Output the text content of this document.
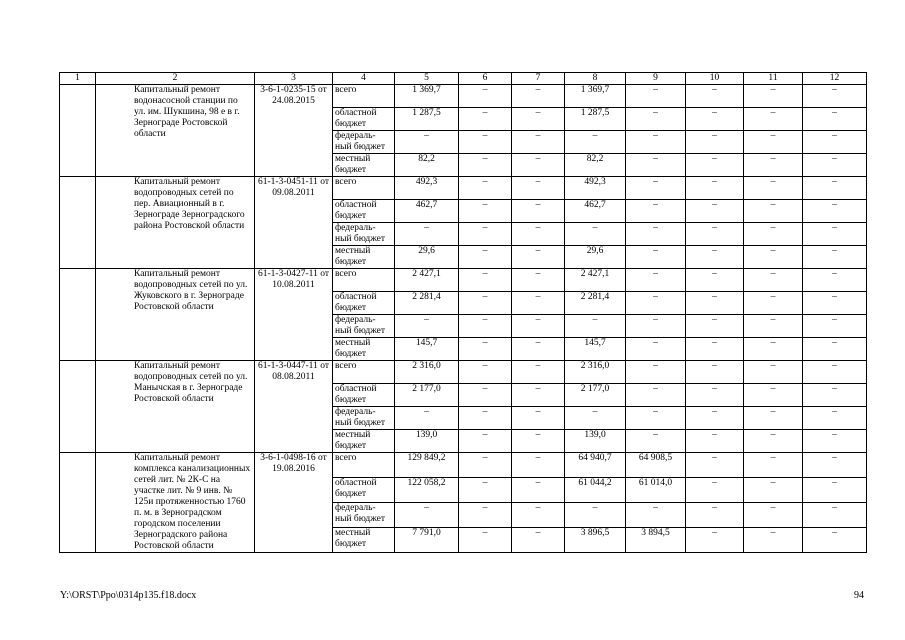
1	2	3	4	5	6	7	8	9	10	11	12
	Капитальный ремонт водонасосной станции по ул. им. Шукшина, 98 е в г. Зернограде Ростовской области	3-6-1-0235-15 от 24.08.2015	всего	1 369,7	–	–	1 369,7	–	–	–	–
			областной бюджет	1 287,5	–	–	1 287,5	–	–	–	–
			федераль-ный бюджет	–	–	–	–	–	–	–	–
			местный бюджет	82,2	–	–	82,2	–	–	–	–
	Капитальный ремонт водопроводных сетей по пер. Авиационный в г. Зернограде Зерноградского района Ростовской области	61-1-3-0451-11 от 09.08.2011	всего	492,3	–	–	492,3	–	–	–	–
			областной бюджет	462,7	–	–	462,7	–	–	–	–
			федераль-ный бюджет	–	–	–	–	–	–	–	–
			местный бюджет	29,6	–	–	29,6	–	–	–	–
	Капитальный ремонт водопроводных сетей по ул. Жуковского в г. Зернограде Ростовской области	61-1-3-0427-11 от 10.08.2011	всего	2 427,1	–	–	2 427,1	–	–	–	–
			областной бюджет	2 281,4	–	–	2 281,4	–	–	–	–
			федераль-ный бюджет	–	–	–	–	–	–	–	–
			местный бюджет	145,7	–	–	145,7	–	–	–	–
	Капитальный ремонт водопроводных сетей по ул. Манычская в г. Зернограде Ростовской области	61-1-3-0447-11 от 08.08.2011	всего	2 316,0	–	–	2 316,0	–	–	–	–
			областной бюджет	2 177,0	–	–	2 177,0	–	–	–	–
			федераль-ный бюджет	–	–	–	–	–	–	–	–
			местный бюджет	139,0	–	–	139,0	–	–	–	–
	Капитальный ремонт комплекса канализационных сетей лит. № 2К-С на участке лит. № 9 инв. № 125и протяженностью 1760 п. м. в Зерноградском городском поселении Зерноградского района Ростовской области	3-6-1-0498-16 от 19.08.2016	всего	129 849,2	–	–	64 940,7	64 908,5	–	–	–
			областной бюджет	122 058,2	–	–	61 044,2	61 014,0	–	–	–
			федераль-ный бюджет	–	–	–	–	–	–	–	–
			местный бюджет	7 791,0	–	–	3 896,5	3 894,5	–	–	–
Y:\ORST\Ppo\0314p135.f18.docx	94
